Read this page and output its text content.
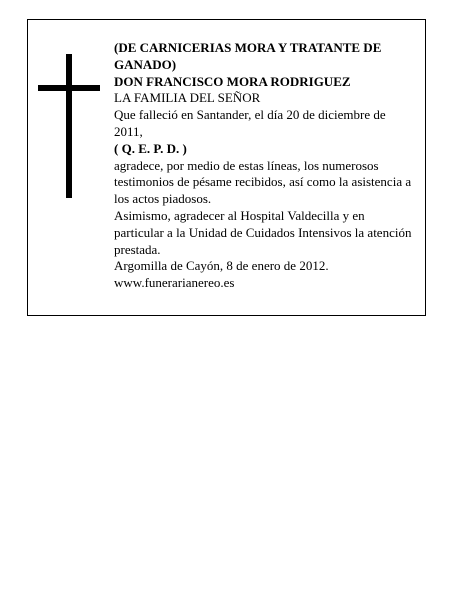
(DE CARNICERIAS MORA Y TRATANTE DE GANADO)

DON FRANCISCO MORA RODRIGUEZ

LA FAMILIA DEL SEÑOR

Que falleció en Santander, el día 20 de diciembre de 2011,

( Q. E. P. D. )

agradece, por medio de estas líneas, los numerosos testimonios de pésame recibidos, así como la asistencia a los actos piadosos.

Asimismo, agradecer al Hospital Valdecilla y en particular a la Unidad de Cuidados Intensivos la atención prestada.

Argomilla de Cayón, 8 de enero de 2012.

www.funerarianereo.es
